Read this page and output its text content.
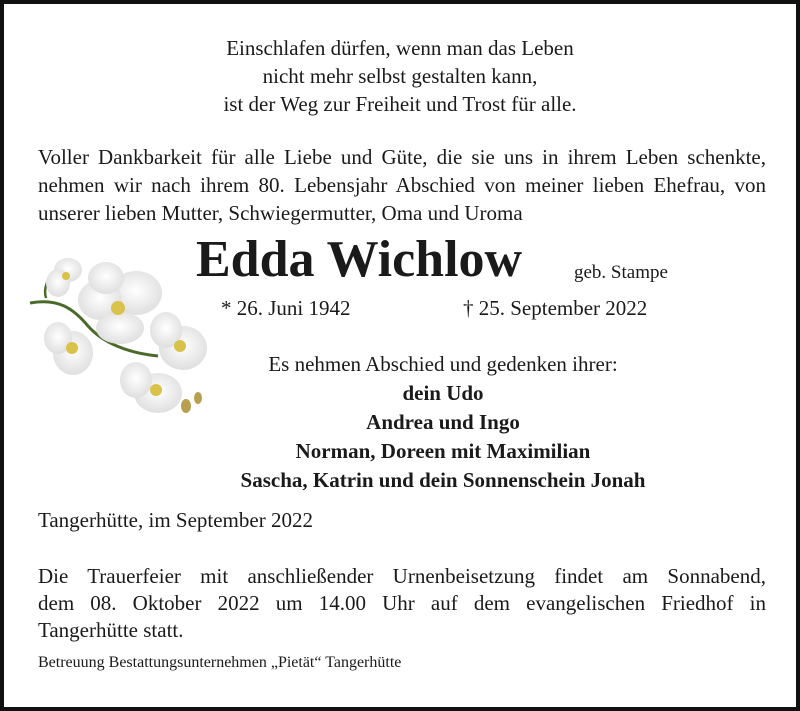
Einschlafen dürfen, wenn man das Leben
nicht mehr selbst gestalten kann,
ist der Weg zur Freiheit und Trost für alle.
Voller Dankbarkeit für alle Liebe und Güte, die sie uns in ihrem Leben schenkte, nehmen wir nach ihrem 80. Lebensjahr Abschied von meiner lieben Ehefrau, von unserer lieben Mutter, Schwiegermutter, Oma und Uroma
Edda Wichlow	geb. Stampe
* 26. Juni 1942	† 25. September 2022
Es nehmen Abschied und gedenken ihrer:
dein Udo
Andrea und Ingo
Norman, Doreen mit Maximilian
Sascha, Katrin und dein Sonnenschein Jonah
Tangerhütte, im September 2022
Die Trauerfeier mit anschließender Urnenbeisetzung findet am Sonnabend,
dem 08. Oktober 2022 um 14.00 Uhr auf dem evangelischen Friedhof in
Tangerhütte statt.
Betreuung Bestattungsunternehmen „Pietät“ Tangerhütte
